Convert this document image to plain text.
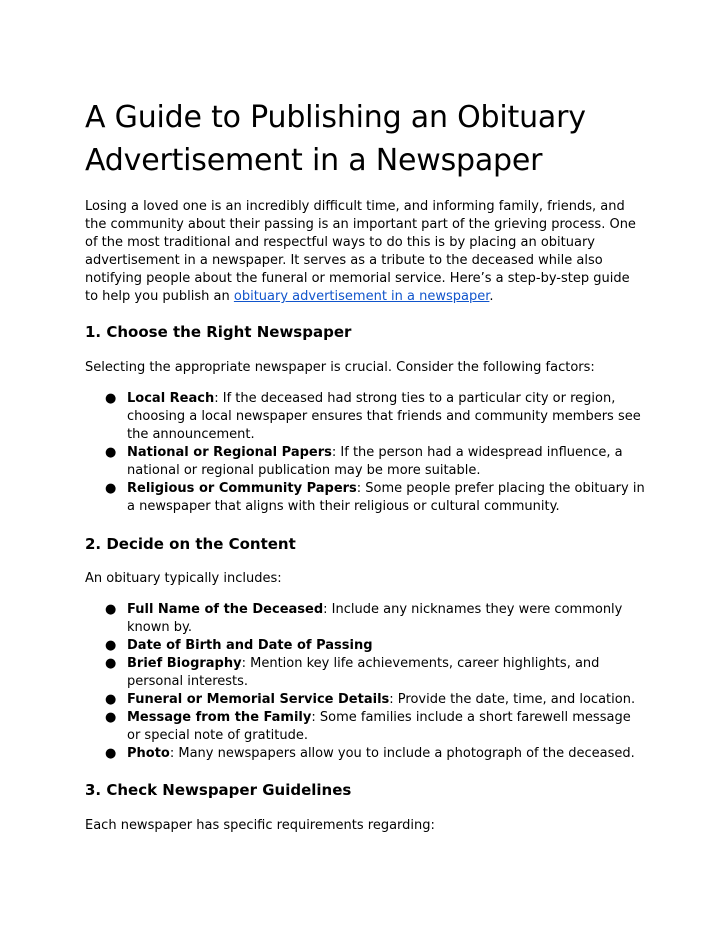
A Guide to Publishing an Obituary Advertisement in a Newspaper

Losing a loved one is an incredibly difficult time, and informing family, friends, and the community about their passing is an important part of the grieving process. One of the most traditional and respectful ways to do this is by placing an obituary advertisement in a newspaper. It serves as a tribute to the deceased while also notifying people about the funeral or memorial service. Here’s a step-by-step guide to help you publish an obituary advertisement in a newspaper.

1. Choose the Right Newspaper

Selecting the appropriate newspaper is crucial. Consider the following factors:

● Local Reach: If the deceased had strong ties to a particular city or region, choosing a local newspaper ensures that friends and community members see the announcement.
● National or Regional Papers: If the person had a widespread influence, a national or regional publication may be more suitable.
● Religious or Community Papers: Some people prefer placing the obituary in a newspaper that aligns with their religious or cultural community.
2. Decide on the Content

An obituary typically includes:

● Full Name of the Deceased: Include any nicknames they were commonly known by.
● Date of Birth and Date of Passing
● Brief Biography: Mention key life achievements, career highlights, and personal interests.
● Funeral or Memorial Service Details: Provide the date, time, and location.
● Message from the Family: Some families include a short farewell message or special note of gratitude.
● Photo: Many newspapers allow you to include a photograph of the deceased.
3. Check Newspaper Guidelines

Each newspaper has specific requirements regarding:
